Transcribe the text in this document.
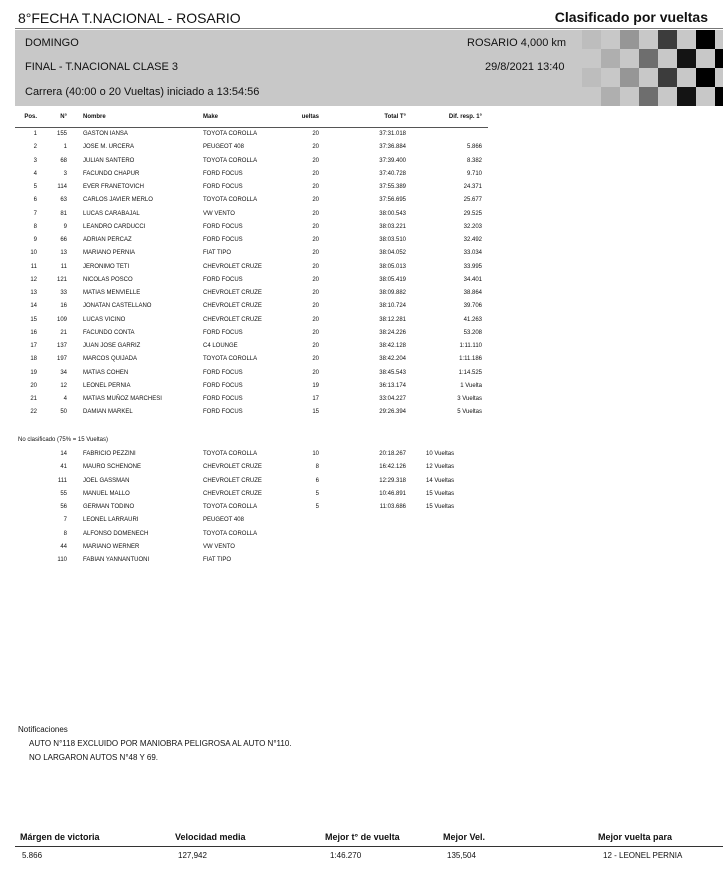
8°FECHA T.NACIONAL - ROSARIO	Clasificado por vueltas
DOMINGO	ROSARIO 4,000 km
FINAL - T.NACIONAL CLASE 3	29/8/2021 13:40
Carrera (40:00 o 20 Vueltas) iniciado a 13:54:56
Pos.	N°	Nombre	Make	ueltas	Total T°	Dif. resp. 1°
1	155	GASTON IANSA	TOYOTA COROLLA	20	37:31.018
2	1	JOSE M. URCERA	PEUGEOT 408	20	37:36.884	5.866
3	68	JULIAN SANTERO	TOYOTA COROLLA	20	37:39.400	8.382
4	3	FACUNDO CHAPUR	FORD FOCUS	20	37:40.728	9.710
5	114	EVER FRANETOVICH	FORD FOCUS	20	37:55.389	24.371
6	63	CARLOS JAVIER MERLO	TOYOTA COROLLA	20	37:56.695	25.677
7	81	LUCAS CARABAJAL	VW VENTO	20	38:00.543	29.525
8	9	LEANDRO CARDUCCI	FORD FOCUS	20	38:03.221	32.203
9	66	ADRIAN PERCAZ	FORD FOCUS	20	38:03.510	32.492
10	13	MARIANO PERNIA	FIAT TIPO	20	38:04.052	33.034
11	11	JERONIMO TETI	CHEVROLET CRUZE	20	38:05.013	33.995
12	121	NICOLAS POSCO	FORD FOCUS	20	38:05.419	34.401
13	33	MATIAS MENVIELLE	CHEVROLET CRUZE	20	38:09.882	38.864
14	16	JONATAN CASTELLANO	CHEVROLET CRUZE	20	38:10.724	39.706
15	109	LUCAS VICINO	CHEVROLET CRUZE	20	38:12.281	41.263
16	21	FACUNDO CONTA	FORD FOCUS	20	38:24.226	53.208
17	137	JUAN JOSE GARRIZ	C4 LOUNGE	20	38:42.128	1:11.110
18	197	MARCOS QUIJADA	TOYOTA COROLLA	20	38:42.204	1:11.186
19	34	MATIAS COHEN	FORD FOCUS	20	38:45.543	1:14.525
20	12	LEONEL PERNIA	FORD FOCUS	19	36:13.174	1 Vuelta
21	4	MATIAS MUÑOZ MARCHESI	FORD FOCUS	17	33:04.227	3 Vueltas
22	50	DAMIAN MARKEL	FORD FOCUS	15	29:26.394	5 Vueltas
No clasificado (75% = 15 Vueltas)
14	FABRICIO PEZZINI	TOYOTA COROLLA	10	20:18.267	10 Vueltas
41	MAURO SCHENONE	CHEVROLET CRUZE	8	16:42.126	12 Vueltas
111	JOEL GASSMAN	CHEVROLET CRUZE	6	12:29.318	14 Vueltas
55	MANUEL MALLO	CHEVROLET CRUZE	5	10:46.891	15 Vueltas
56	GERMAN TODINO	TOYOTA COROLLA	5	11:03.686	15 Vueltas
7	LEONEL LARRAURI	PEUGEOT 408
8	ALFONSO DOMENECH	TOYOTA COROLLA
44	MARIANO WERNER	VW VENTO
110	FABIAN YANNANTUONI	FIAT TIPO
Notificaciones
AUTO N°118 EXCLUIDO POR MANIOBRA PELIGROSA AL AUTO N°110.
NO LARGARON AUTOS N°48 Y 69.
Márgen de victoria	Velocidad media	Mejor t° de vuelta	Mejor Vel.	Mejor vuelta para
5.866	127,942	1:46.270	135,504	12 - LEONEL PERNIA
